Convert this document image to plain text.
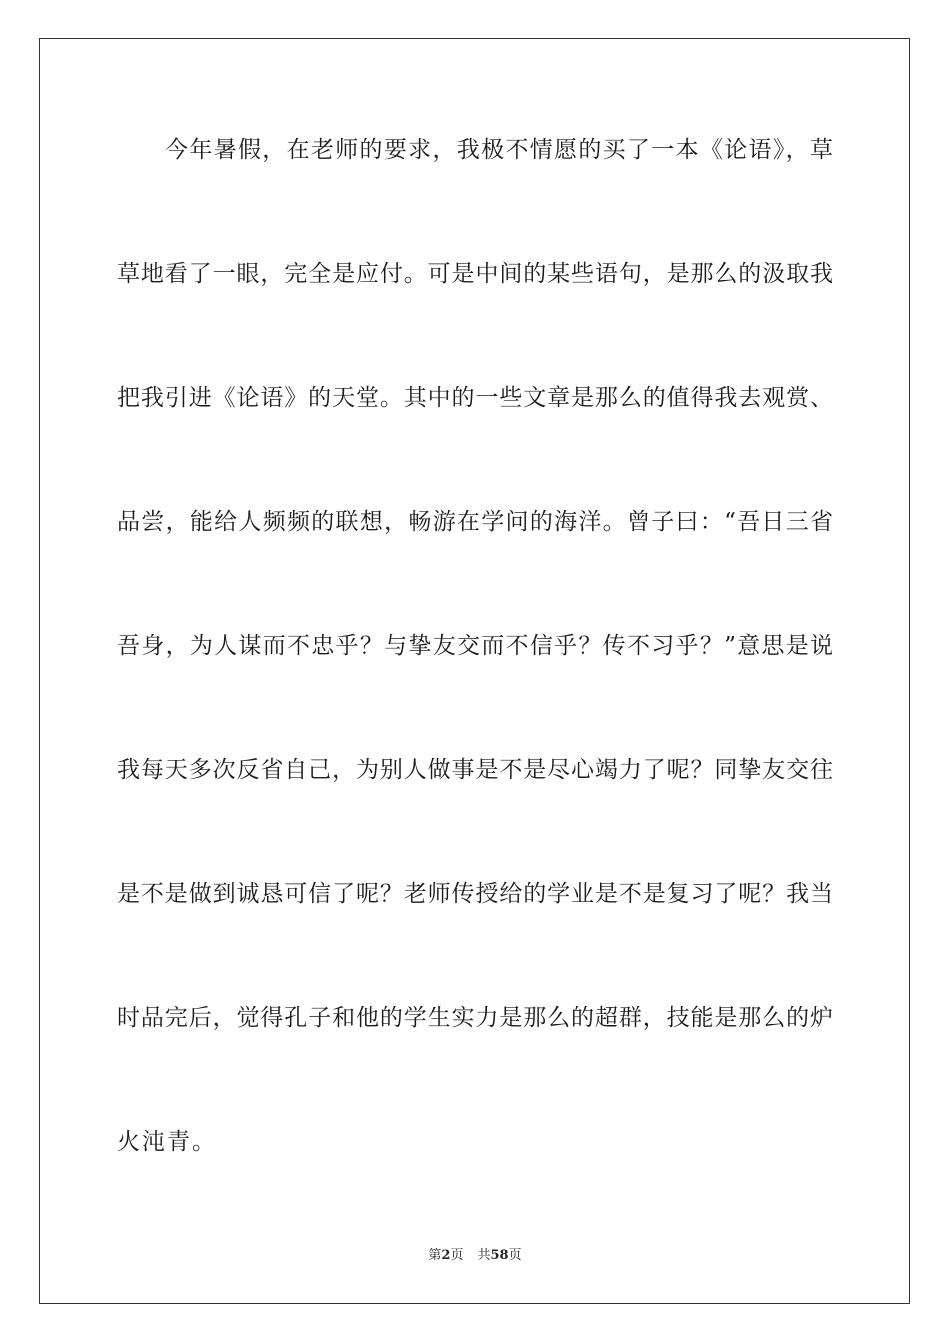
今年暑假，在老师的要求，我极不情愿的买了一本《论语》，草
草地看了一眼，完全是应付。可是中间的某些语句，是那么的汲取我
把我引进《论语》的天堂。其中的一些文章是那么的值得我去观赏、
品尝，能给人频频的联想，畅游在学问的海洋。曾子曰：“吾日三省
吾身，为人谋而不忠乎？与挚友交而不信乎？传不习乎？”意思是说
我每天多次反省自己，为别人做事是不是尽心竭力了呢？同挚友交往
是不是做到诚恳可信了呢？老师传授给的学业是不是复习了呢？我当
时品完后，觉得孔子和他的学生实力是那么的超群，技能是那么的炉
火沌青。
第2页 共58页
